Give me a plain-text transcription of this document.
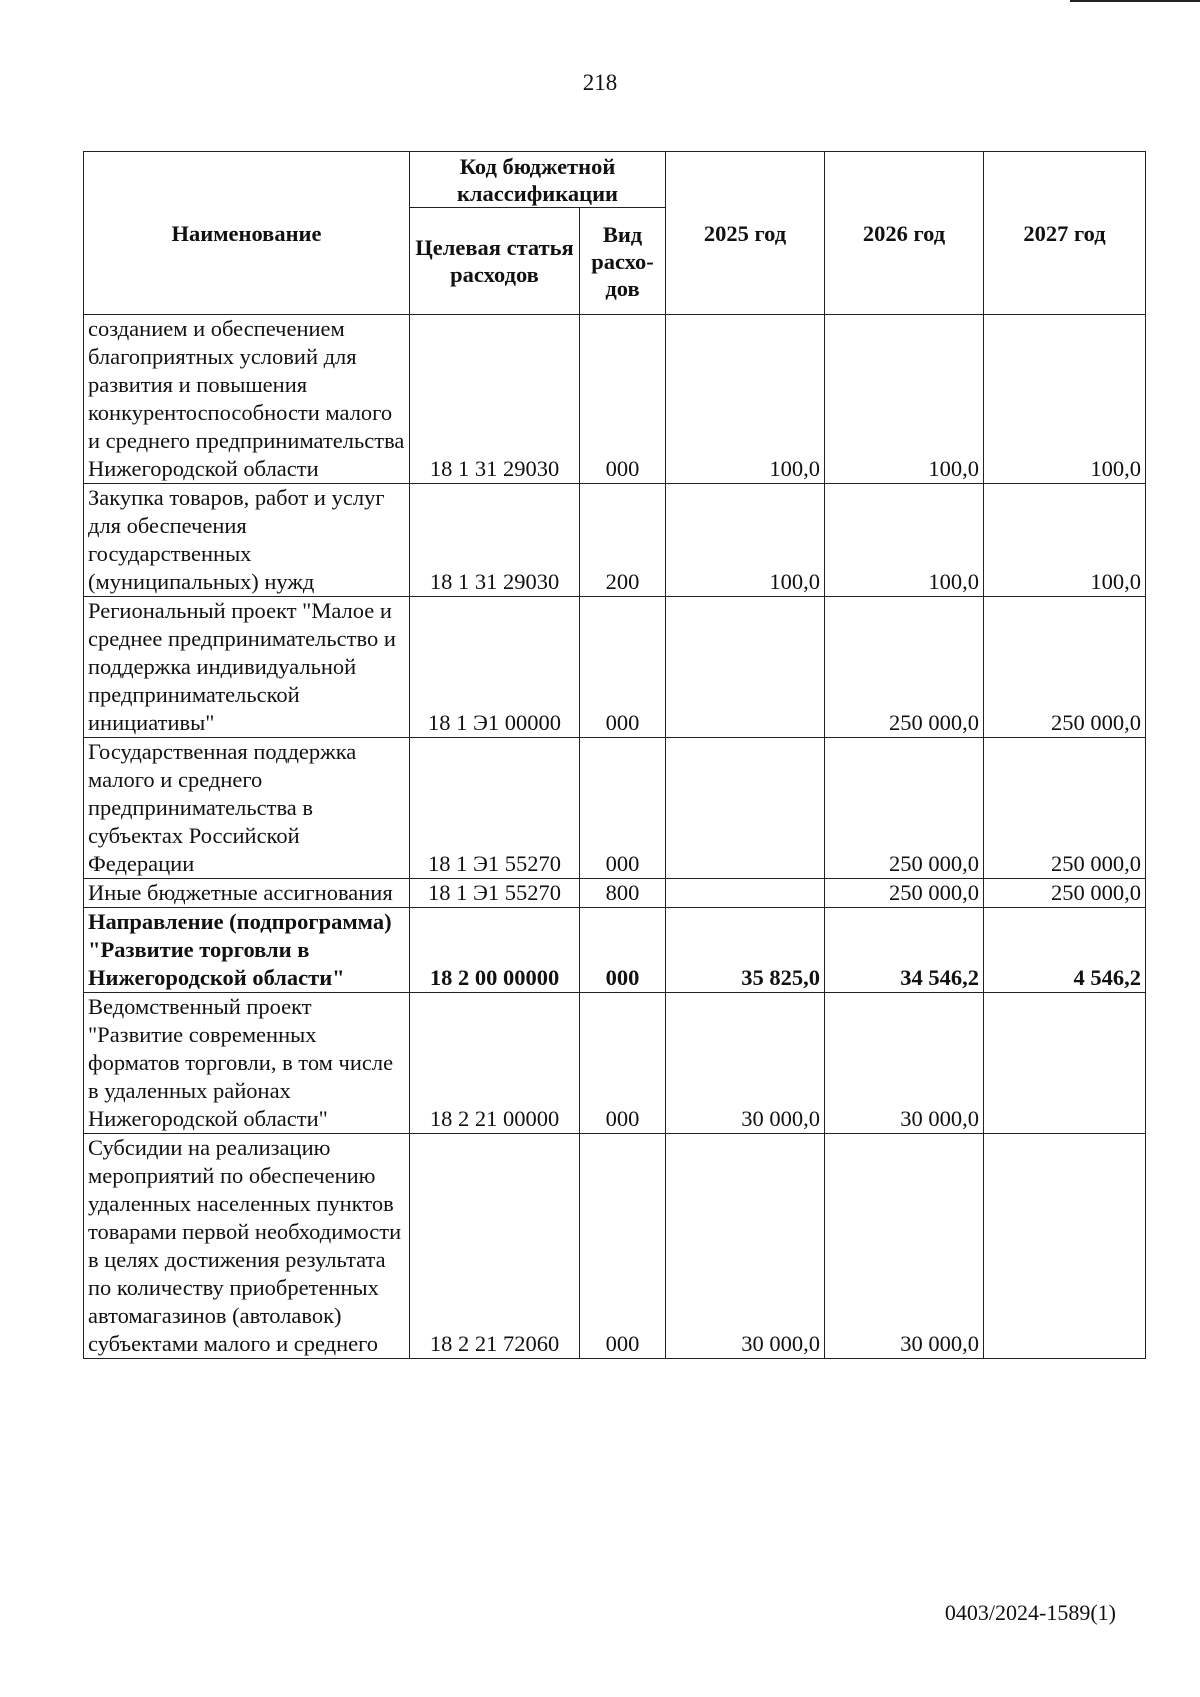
218
Наименование	Код бюджетной классификации		2025 год	2026 год	2027 год
	Целевая статья расходов	Вид расхо-дов			
созданием и обеспечением благоприятных условий для развития и повышения конкурентоспособности малого и среднего предпринимательства Нижегородской области	18 1 31 29030	000	100,0	100,0	100,0
Закупка товаров, работ и услуг для обеспечения государственных (муниципальных) нужд	18 1 31 29030	200	100,0	100,0	100,0
Региональный проект "Малое и среднее предпринимательство и поддержка индивидуальной предпринимательской инициативы"	18 1 Э1 00000	000		250 000,0	250 000,0
Государственная поддержка малого и среднего предпринимательства в субъектах Российской Федерации	18 1 Э1 55270	000		250 000,0	250 000,0
Иные бюджетные ассигнования	18 1 Э1 55270	800		250 000,0	250 000,0
Направление (подпрограмма) "Развитие торговли в Нижегородской области"	18 2 00 00000	000	35 825,0	34 546,2	4 546,2
Ведомственный проект "Развитие современных форматов торговли, в том числе в удаленных районах Нижегородской области"	18 2 21 00000	000	30 000,0	30 000,0	
Субсидии на реализацию мероприятий по обеспечению удаленных населенных пунктов товарами первой необходимости в целях достижения результата по количеству приобретенных автомагазинов (автолавок) субъектами малого и среднего	18 2 21 72060	000	30 000,0	30 000,0	
0403/2024-1589(1)
